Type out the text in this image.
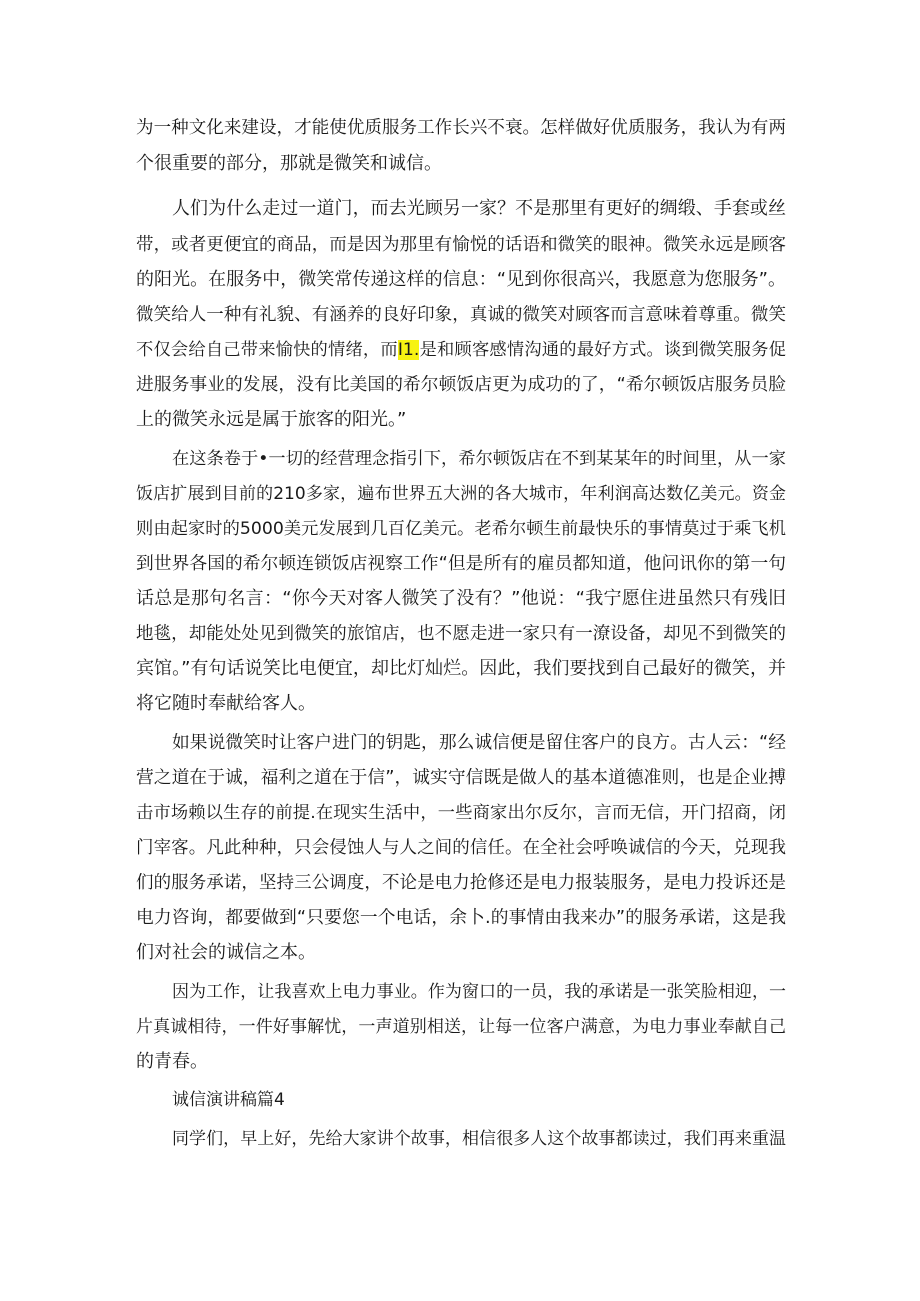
为一种文化来建设，才能使优质服务工作长兴不衰。怎样做好优质服务，我认为有两

个很重要的部分，那就是微笑和诚信。

人们为什么走过一道门，而去光顾另一家？不是那里有更好的绸缎、手套或丝

带，或者更便宜的商品，而是因为那里有愉悦的话语和微笑的眼神。微笑永远是顾客

的阳光。在服务中，微笑常传递这样的信息：“见到你很高兴，我愿意为您服务”。

微笑给人一种有礼貌、有涵养的良好印象，真诚的微笑对顾客而言意味着尊重。微笑

不仅会给自己带来愉快的情绪，而I1.是和顾客感情沟通的最好方式。谈到微笑服务促

进服务事业的发展，没有比美国的希尔顿饭店更为成功的了，“希尔顿饭店服务员脸

上的微笑永远是属于旅客的阳光。”

在这条卷于•一切的经营理念指引下，希尔顿饭店在不到某某年的时间里，从一家

饭店扩展到目前的210多家，遍布世界五大洲的各大城市，年利润高达数亿美元。资金

则由起家时的5000美元发展到几百亿美元。老希尔顿生前最快乐的事情莫过于乘飞机

到世界各国的希尔顿连锁饭店视察工作“但是所有的雇员都知道，他问讯你的第一句

话总是那句名言：“你今天对客人微笑了没有？”他说：“我宁愿住进虽然只有残旧

地毯，却能处处见到微笑的旅馆店，也不愿走进一家只有一潦设备，却见不到微笑的

宾馆。”有句话说笑比电便宜，却比灯灿烂。因此，我们要找到自己最好的微笑，并

将它随时奉献给客人。

如果说微笑时让客户进门的钥匙，那么诚信便是留住客户的良方。古人云：“经

营之道在于诚，福利之道在于信”，诚实守信既是做人的基本道德准则，也是企业搏

击市场赖以生存的前提.在现实生活中，一些商家出尔反尔，言而无信，开门招商，闭

门宰客。凡此种种，只会侵蚀人与人之间的信任。在全社会呼唤诚信的今天，兑现我

们的服务承诺，坚持三公调度，不论是电力抢修还是电力报装服务，是电力投诉还是

电力咨询，都要做到“只要您一个电话，余卜.的事情由我来办”的服务承诺，这是我

们对社会的诚信之本。

因为工作，让我喜欢上电力事业。作为窗口的一员，我的承诺是一张笑脸相迎，一

片真诚相待，一件好事解忧，一声道别相送，让每一位客户满意，为电力事业奉献自己

的青春。

诚信演讲稿篇4

同学们，早上好，先给大家讲个故事，相信很多人这个故事都读过，我们再来重温
